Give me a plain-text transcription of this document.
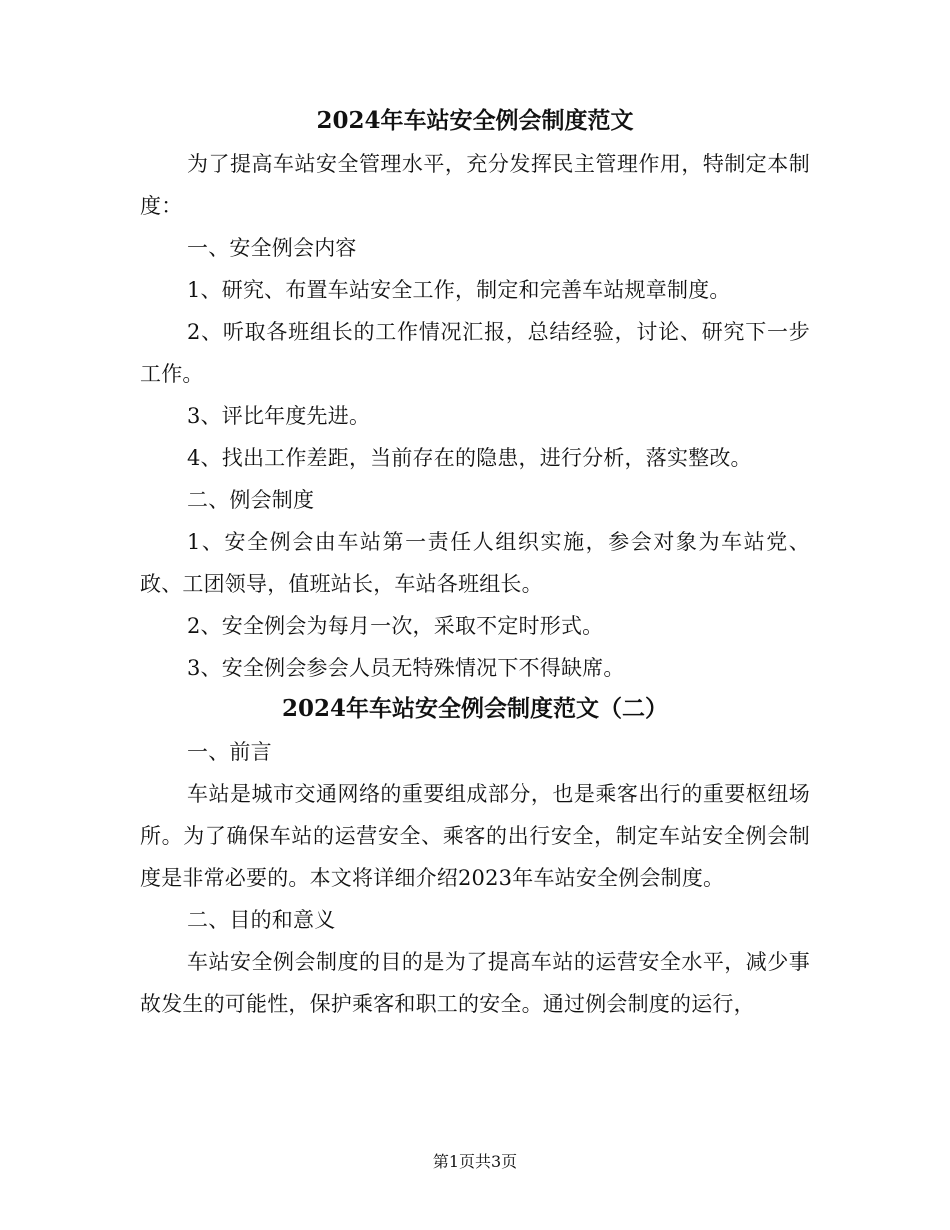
2024年车站安全例会制度范文

为了提高车站安全管理水平，充分发挥民主管理作用，特制定本制度：

一、安全例会内容

1、研究、布置车站安全工作，制定和完善车站规章制度。

2、听取各班组长的工作情况汇报，总结经验，讨论、研究下一步工作。

3、评比年度先进。

4、找出工作差距，当前存在的隐患，进行分析，落实整改。

二、例会制度

1、安全例会由车站第一责任人组织实施，参会对象为车站党、政、工团领导，值班站长，车站各班组长。

2、安全例会为每月一次，采取不定时形式。

3、安全例会参会人员无特殊情况下不得缺席。

2024年车站安全例会制度范文（二）

一、前言

车站是城市交通网络的重要组成部分，也是乘客出行的重要枢纽场所。为了确保车站的运营安全、乘客的出行安全，制定车站安全例会制度是非常必要的。本文将详细介绍2023年车站安全例会制度。

二、目的和意义

车站安全例会制度的目的是为了提高车站的运营安全水平，减少事故发生的可能性，保护乘客和职工的安全。通过例会制度的运行，

第1页共3页
